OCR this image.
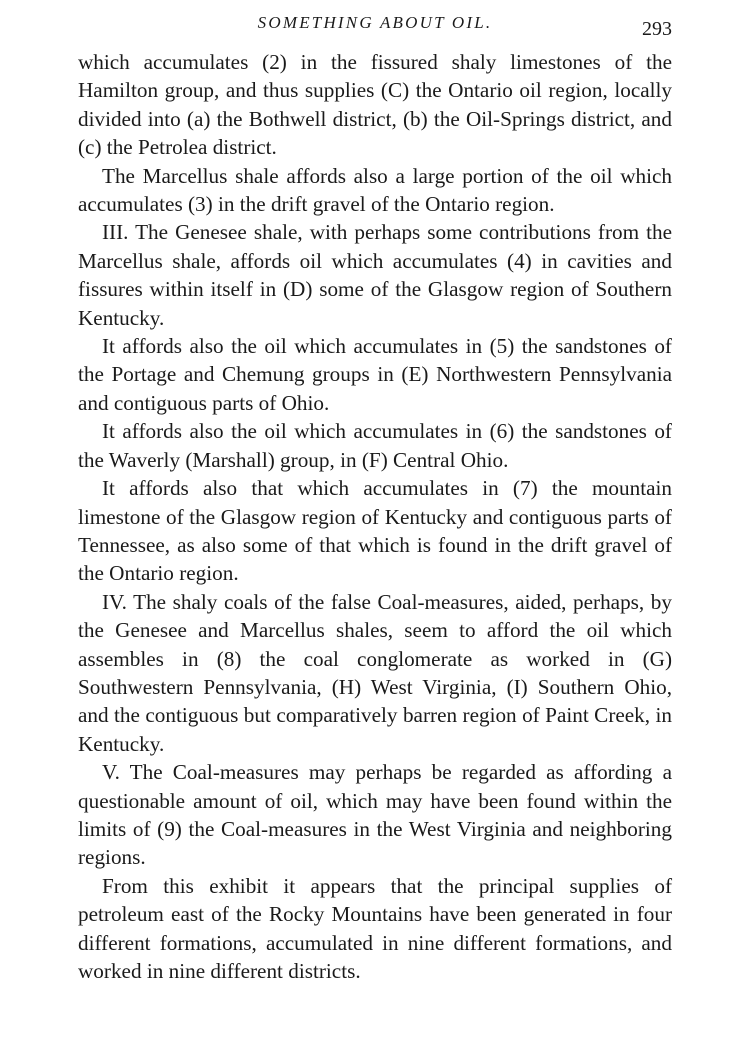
SOMETHING ABOUT OIL.	293

which accumulates (2) in the fissured shaly limestones of the Hamilton group, and thus supplies (C) the Ontario oil region, locally divided into (a) the Bothwell district, (b) the Oil-Springs district, and (c) the Petrolea district.

The Marcellus shale affords also a large portion of the oil which accumulates (3) in the drift gravel of the Ontario region.

III. The Genesee shale, with perhaps some contributions from the Marcellus shale, affords oil which accumulates (4) in cavities and fissures within itself in (D) some of the Glasgow region of Southern Kentucky.

It affords also the oil which accumulates in (5) the sandstones of the Portage and Chemung groups in (E) Northwestern Pennsylvania and contiguous parts of Ohio.

It affords also the oil which accumulates in (6) the sandstones of the Waverly (Marshall) group, in (F) Central Ohio.

It affords also that which accumulates in (7) the mountain limestone of the Glasgow region of Kentucky and contiguous parts of Tennessee, as also some of that which is found in the drift gravel of the Ontario region.

IV. The shaly coals of the false Coal-measures, aided, perhaps, by the Genesee and Marcellus shales, seem to afford the oil which assembles in (8) the coal conglomerate as worked in (G) Southwestern Pennsylvania, (H) West Virginia, (I) Southern Ohio, and the contiguous but comparatively barren region of Paint Creek, in Kentucky.

V. The Coal-measures may perhaps be regarded as affording a questionable amount of oil, which may have been found within the limits of (9) the Coal-measures in the West Virginia and neighboring regions.

From this exhibit it appears that the principal supplies of petroleum east of the Rocky Mountains have been generated in four different formations, accumulated in nine different formations, and worked in nine different districts.
